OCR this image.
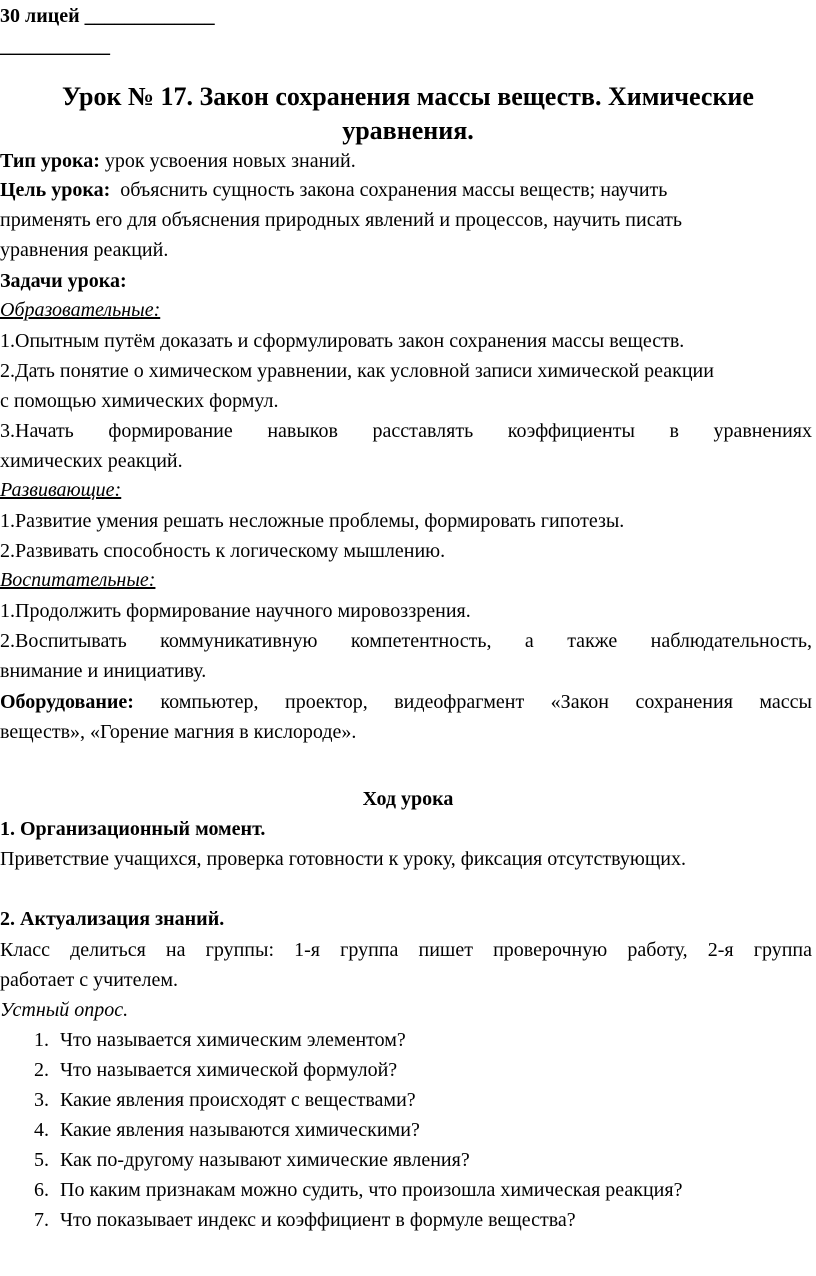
30 лицей _____________
___________
Урок № 17. Закон сохранения массы веществ. Химические
уравнения.
Тип урока: урок усвоения новых знаний.
Цель урока:  объяснить сущность закона сохранения массы веществ; научить
применять его для объяснения природных явлений и процессов, научить писать
уравнения реакций.
Задачи урока:
Образовательные:
1.Опытным путём доказать и сформулировать закон сохранения массы веществ.
2.Дать понятие о химическом уравнении, как условной записи химической реакции
с помощью химических формул.
3.Начать формирование навыков расставлять коэффициенты в уравнениях
химических реакций.
Развивающие:
1.Развитие умения решать несложные проблемы, формировать гипотезы.
2.Развивать способность к логическому мышлению.
Воспитательные:
1.Продолжить формирование научного мировоззрения.
2.Воспитывать коммуникативную компетентность, а также наблюдательность,
внимание и инициативу.
Оборудование: компьютер, проектор, видеофрагмент «Закон сохранения массы
веществ», «Горение магния в кислороде».
Ход урока
1. Организационный момент.
Приветствие учащихся, проверка готовности к уроку, фиксация отсутствующих.
2. Актуализация знаний.
Класс делиться на группы: 1-я группа пишет проверочную работу, 2-я группа
работает с учителем.
Устный опрос.
1. Что называется химическим элементом?
2. Что называется химической формулой?
3. Какие явления происходят с веществами?
4. Какие явления называются химическими?
5. Как по-другому называют химические явления?
6. По каким признакам можно судить, что произошла химическая реакция?
7. Что показывает индекс и коэффициент в формуле вещества?
